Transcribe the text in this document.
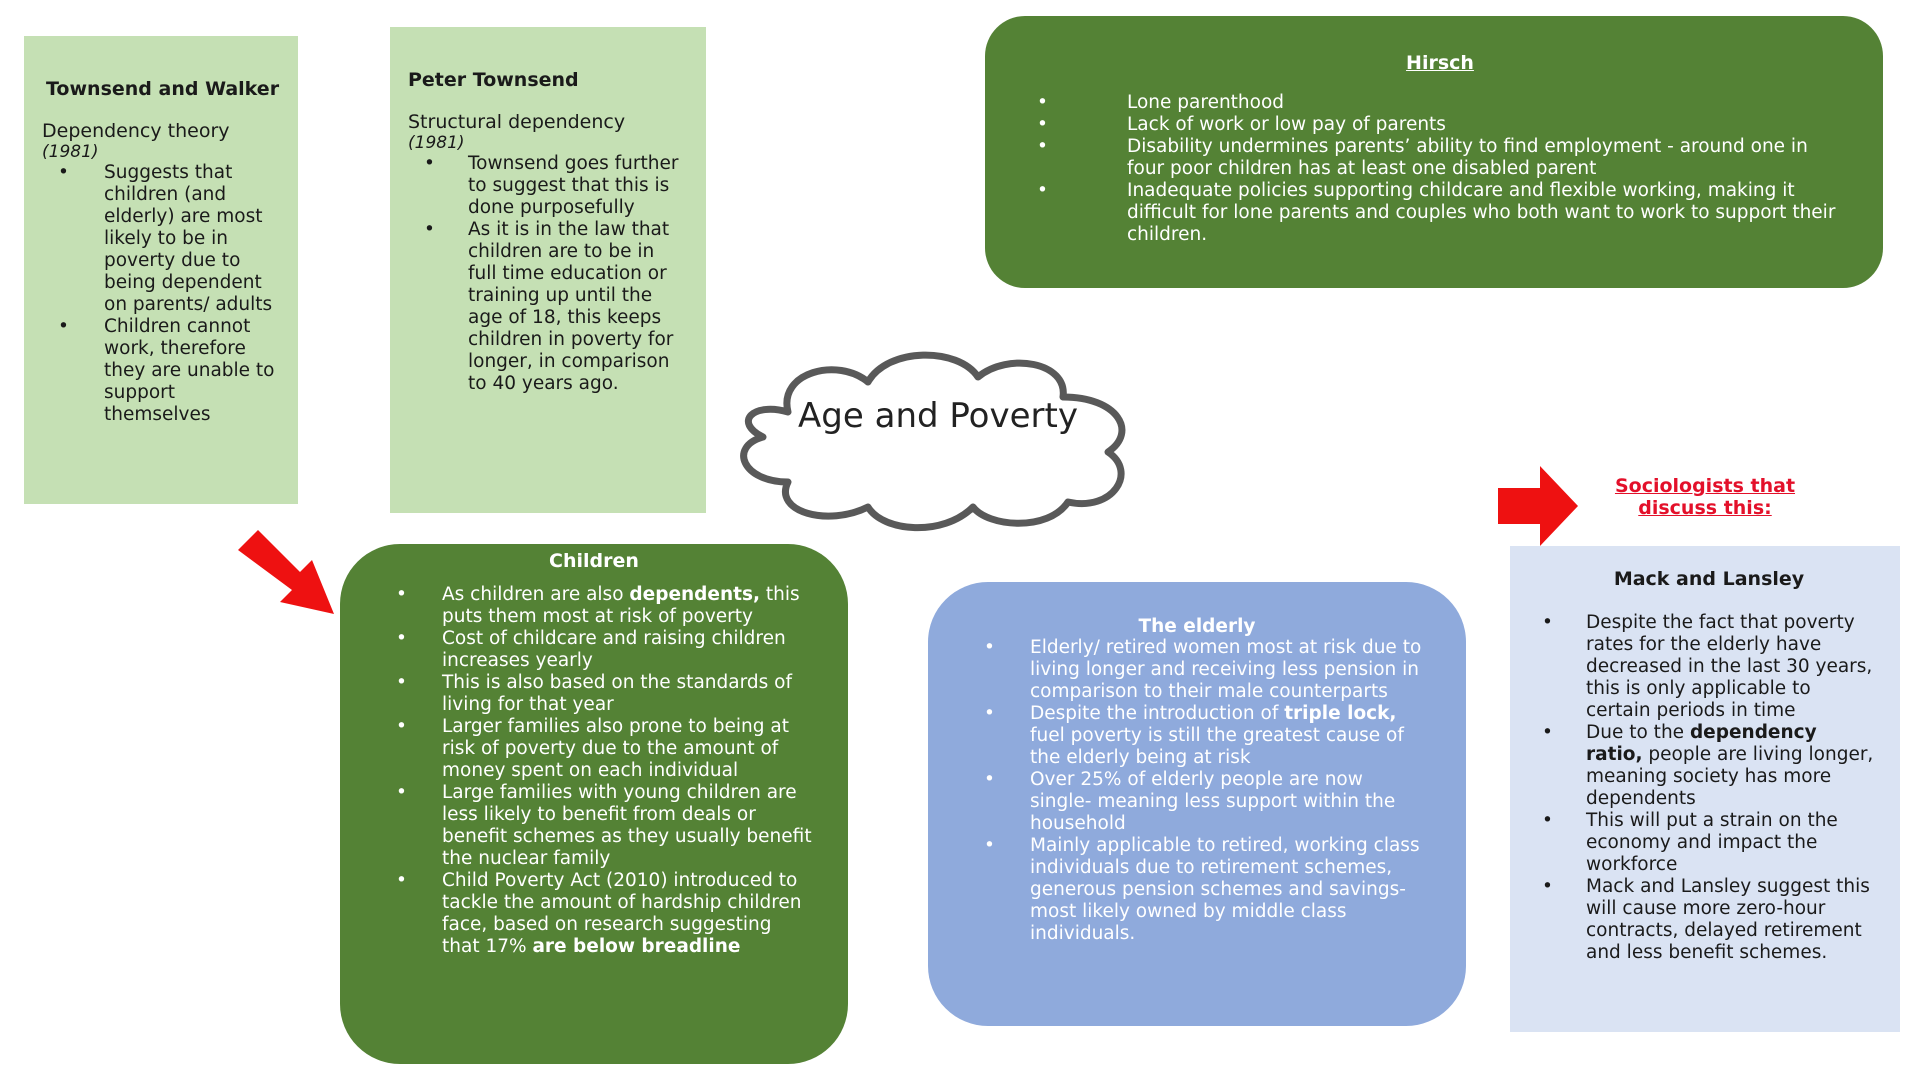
Townsend and Walker
Dependency theory
(1981)
• Suggests that children (and elderly) are most likely to be in poverty due to being dependent on parents/ adults
• Children cannot work, therefore they are unable to support themselves
Peter Townsend
Structural dependency
(1981)
• Townsend goes further to suggest that this is done purposefully
• As it is in the law that children are to be in full time education or training up until the age of 18, this keeps children in poverty for longer, in comparison to 40 years ago.
Hirsch
• Lone parenthood
• Lack of work or low pay of parents
• Disability undermines parents’ ability to find employment - around one in four poor children has at least one disabled parent
• Inadequate policies supporting childcare and flexible working, making it difficult for lone parents and couples who both want to work to support their children.
Age and Poverty
Sociologists that discuss this:
Children
• As children are also dependents, this puts them most at risk of poverty
• Cost of childcare and raising children increases yearly
• This is also based on the standards of living for that year
• Larger families also prone to being at risk of poverty due to the amount of money spent on each individual
• Large families with young children are less likely to benefit from deals or benefit schemes as they usually benefit the nuclear family
• Child Poverty Act (2010) introduced to tackle the amount of hardship children face, based on research suggesting that 17% are below breadline
The elderly
• Elderly/ retired women most at risk due to living longer and receiving less pension in comparison to their male counterparts
• Despite the introduction of triple lock, fuel poverty is still the greatest cause of the elderly being at risk
• Over 25% of elderly people are now single- meaning less support within the household
• Mainly applicable to retired, working class individuals due to retirement schemes, generous pension schemes and savings- most likely owned by middle class individuals.
Mack and Lansley
• Despite the fact that poverty rates for the elderly have decreased in the last 30 years, this is only applicable to certain periods in time
• Due to the dependency ratio, people are living longer, meaning society has more dependents
• This will put a strain on the economy and impact the workforce
• Mack and Lansley suggest this will cause more zero-hour contracts, delayed retirement and less benefit schemes.
